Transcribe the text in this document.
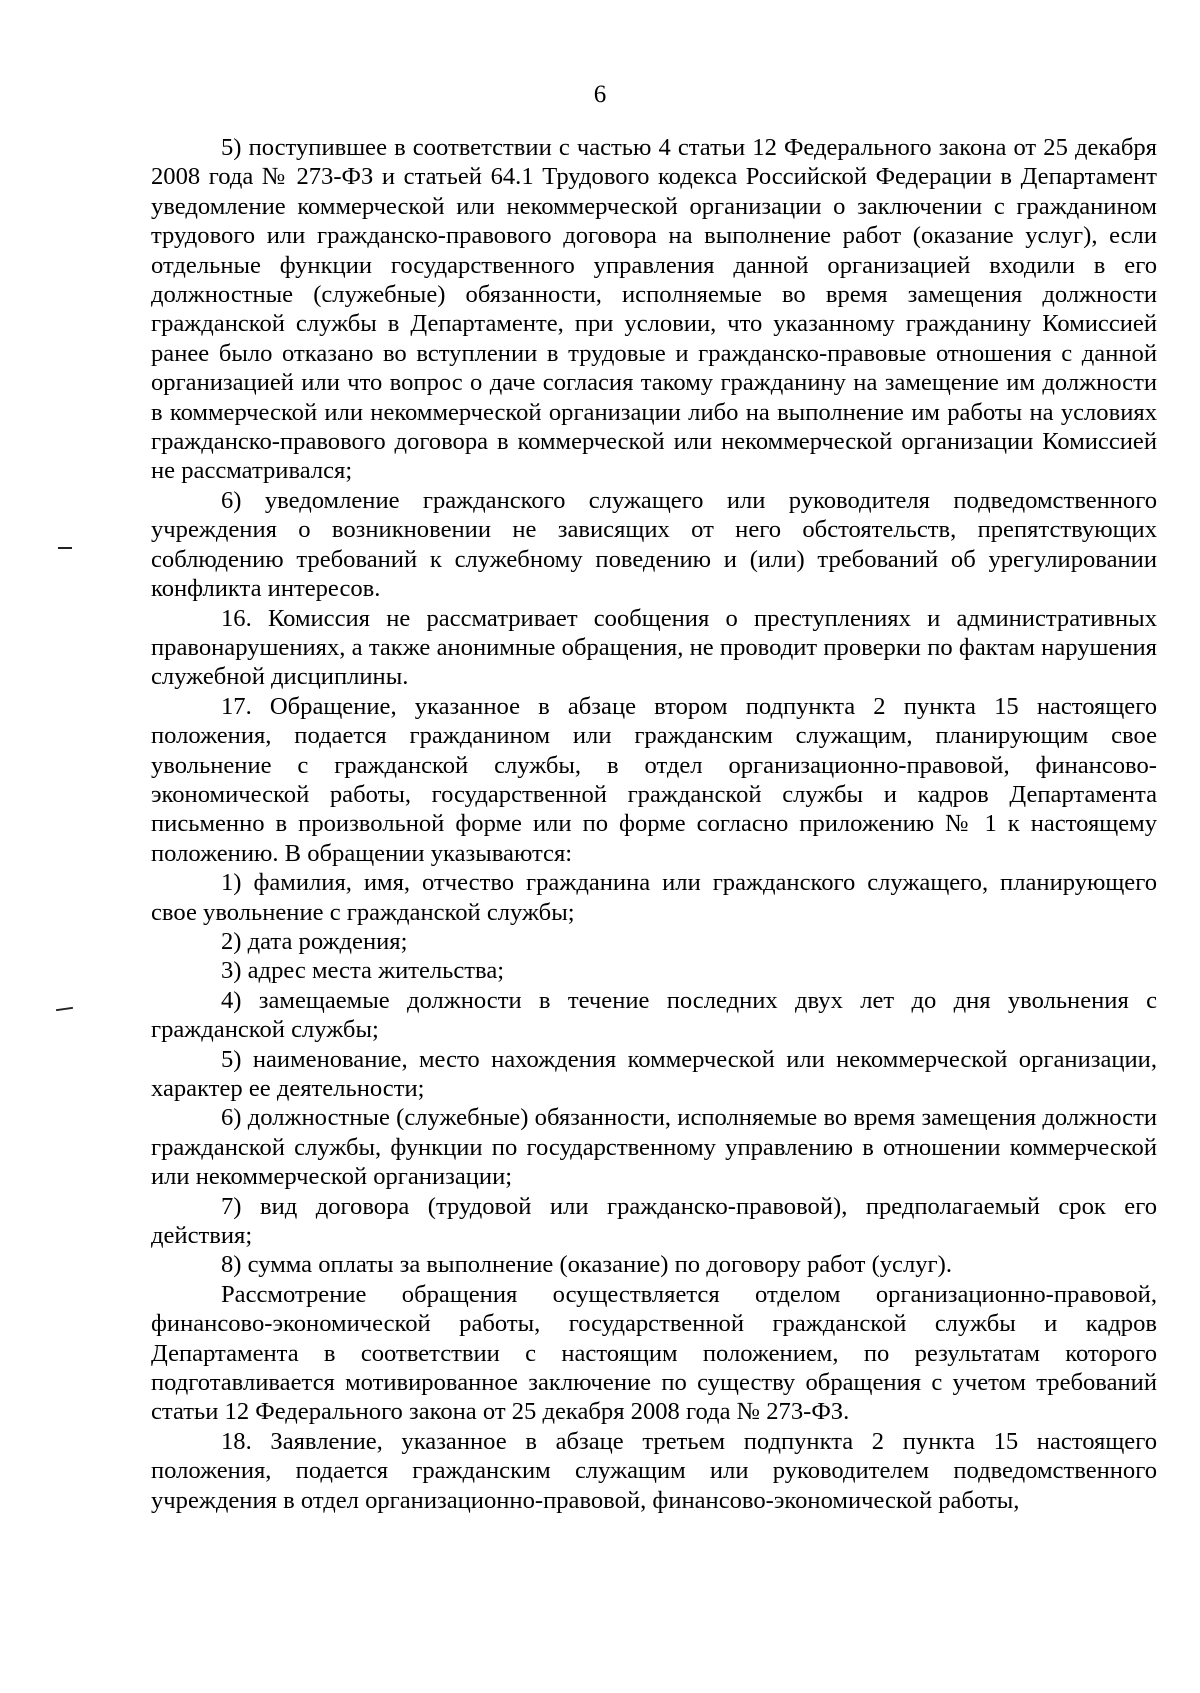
6

5) поступившее в соответствии с частью 4 статьи 12 Федерального закона от 25 декабря 2008 года № 273-ФЗ и статьей 64.1 Трудового кодекса Российской Федерации в Департамент уведомление коммерческой или некоммерческой организации о заключении с гражданином трудового или гражданско-правового договора на выполнение работ (оказание услуг), если отдельные функции государственного управления данной организацией входили в его должностные (служебные) обязанности, исполняемые во время замещения должности гражданской службы в Департаменте, при условии, что указанному гражданину Комиссией ранее было отказано во вступлении в трудовые и гражданско-правовые отношения с данной организацией или что вопрос о даче согласия такому гражданину на замещение им должности в коммерческой или некоммерческой организации либо на выполнение им работы на условиях гражданско-правового договора в коммерческой или некоммерческой организации Комиссией не рассматривался;

6) уведомление гражданского служащего или руководителя подведомственного учреждения о возникновении не зависящих от него обстоятельств, препятствующих соблюдению требований к служебному поведению и (или) требований об урегулировании конфликта интересов.

16. Комиссия не рассматривает сообщения о преступлениях и административных правонарушениях, а также анонимные обращения, не проводит проверки по фактам нарушения служебной дисциплины.

17. Обращение, указанное в абзаце втором подпункта 2 пункта 15 настоящего положения, подается гражданином или гражданским служащим, планирующим свое увольнение с гражданской службы, в отдел организационно-правовой, финансово-экономической работы, государственной гражданской службы и кадров Департамента письменно в произвольной форме или по форме согласно приложению № 1 к настоящему положению. В обращении указываются:

1) фамилия, имя, отчество гражданина или гражданского служащего, планирующего свое увольнение с гражданской службы;

2) дата рождения;

3) адрес места жительства;

4) замещаемые должности в течение последних двух лет до дня увольнения с гражданской службы;

5) наименование, место нахождения коммерческой или некоммерческой организации, характер ее деятельности;

6) должностные (служебные) обязанности, исполняемые во время замещения должности гражданской службы, функции по государственному управлению в отношении коммерческой или некоммерческой организации;

7) вид договора (трудовой или гражданско-правовой), предполагаемый срок его действия;

8) сумма оплаты за выполнение (оказание) по договору работ (услуг).

Рассмотрение обращения осуществляется отделом организационно-правовой, финансово-экономической работы, государственной гражданской службы и кадров Департамента в соответствии с настоящим положением, по результатам которого подготавливается мотивированное заключение по существу обращения с учетом требований статьи 12 Федерального закона от 25 декабря 2008 года № 273-ФЗ.

18. Заявление, указанное в абзаце третьем подпункта 2 пункта 15 настоящего положения, подается гражданским служащим или руководителем подведомственного учреждения в отдел организационно-правовой, финансово-экономической работы,
